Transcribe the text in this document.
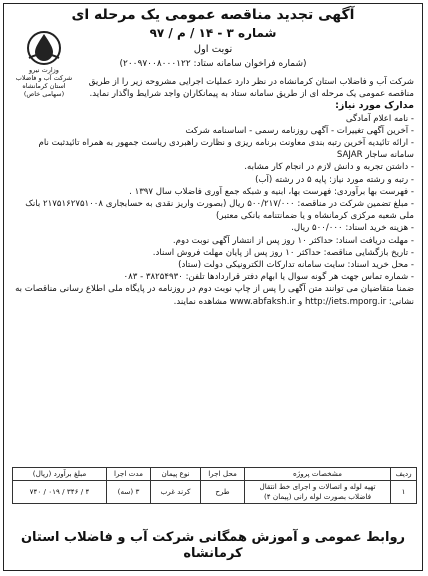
آگهی تجدید مناقصه عمومی یک مرحله ای
شماره ۳ - ۱۴ / م / ۹۷
نوبت اول
(شماره فراخوان سامانه ستاد: ۲۰۰۹۷۰۰۸۰۰۰۱۲۲)
وزارت نیرو
شرکت آب و فاضلاب
استان کرمانشاه
(سهامی خاص)

شرکت آب و فاضلاب استان کرمانشاه در نظر دارد عملیات اجرایی مشروحه زیر را از طریق مناقصه عمومی یک مرحله ای از طریق سامانه ستاد به پیمانکاران واجد شرایط واگذار نماید.

مدارک مورد نیاز:

- نامه اعلام آمادگی

- آخرین آگهی تغییرات - آگهی روزنامه رسمی - اساسنامه شرکت

- ارائه تائیدیه آخرین رتبه بندی معاونت برنامه ریزی و نظارت راهبردی ریاست جمهور به همراه تائیدثبت نام سامانه ساجار SAJAR

- داشتن تجربه و دانش لازم در انجام کار مشابه.

- رتبه و رشته مورد نیاز: پایه ۵ در رشته (آب)

- فهرست بها برآوردی: فهرست بها، ابنیه و شبکه جمع آوری فاضلاب سال ۱۳۹۷ .

- مبلغ تضمین شرکت در مناقصه: ۵۰۰/۲۱۷/۰۰۰ ریال (بصورت واریز نقدی به حسابجاری ۲۱۷۵۱۶۲۷۵۱۰۰۸ بانک ملی شعبه مرکزی کرمانشاه و یا ضمانتنامه بانکی معتبر)

- هزینه خرید اسناد: ۵۰۰/۰۰۰ ریال.

- مهلت دریافت اسناد: حداکثر ۱۰ روز پس از انتشار آگهی نوبت دوم.

- تاریخ بازگشایی مناقصه: حداکثر ۱۰ روز پس از پایان مهلت فروش اسناد.

- محل خرید اسناد: سایت سامانه تدارکات الکترونیکی دولت (ستاد)

- شماره تماس جهت هر گونه سوال یا ابهام دفتر قراردادها تلفن: ۳۸۲۵۴۹۳۰ - ۰۸۳

ضمنا متقاضیان می توانند متن آگهی را پس از چاپ نوبت دوم در روزنامه در پایگاه ملی اطلاع رسانی مناقصات به نشانی: http://iets.mporg.ir و www.abfaksh.ir مشاهده نمایند.

ردیف	مشخصات پروژه	محل اجرا	نوع پیمان	مدت اجرا	مبلغ برآورد (ریال)
۱	تهیه لوله و اتصالات و اجرای خط انتقال فاضلاب بصورت لوله رانی (پیمان ۴)	طرح	کرند غرب	۳ (سه)	۴ / ۳۴۶ / ۰۱۹ / ۷۴۰
روابط عمومی و آموزش همگانی شرکت آب و فاضلاب استان کرمانشاه
